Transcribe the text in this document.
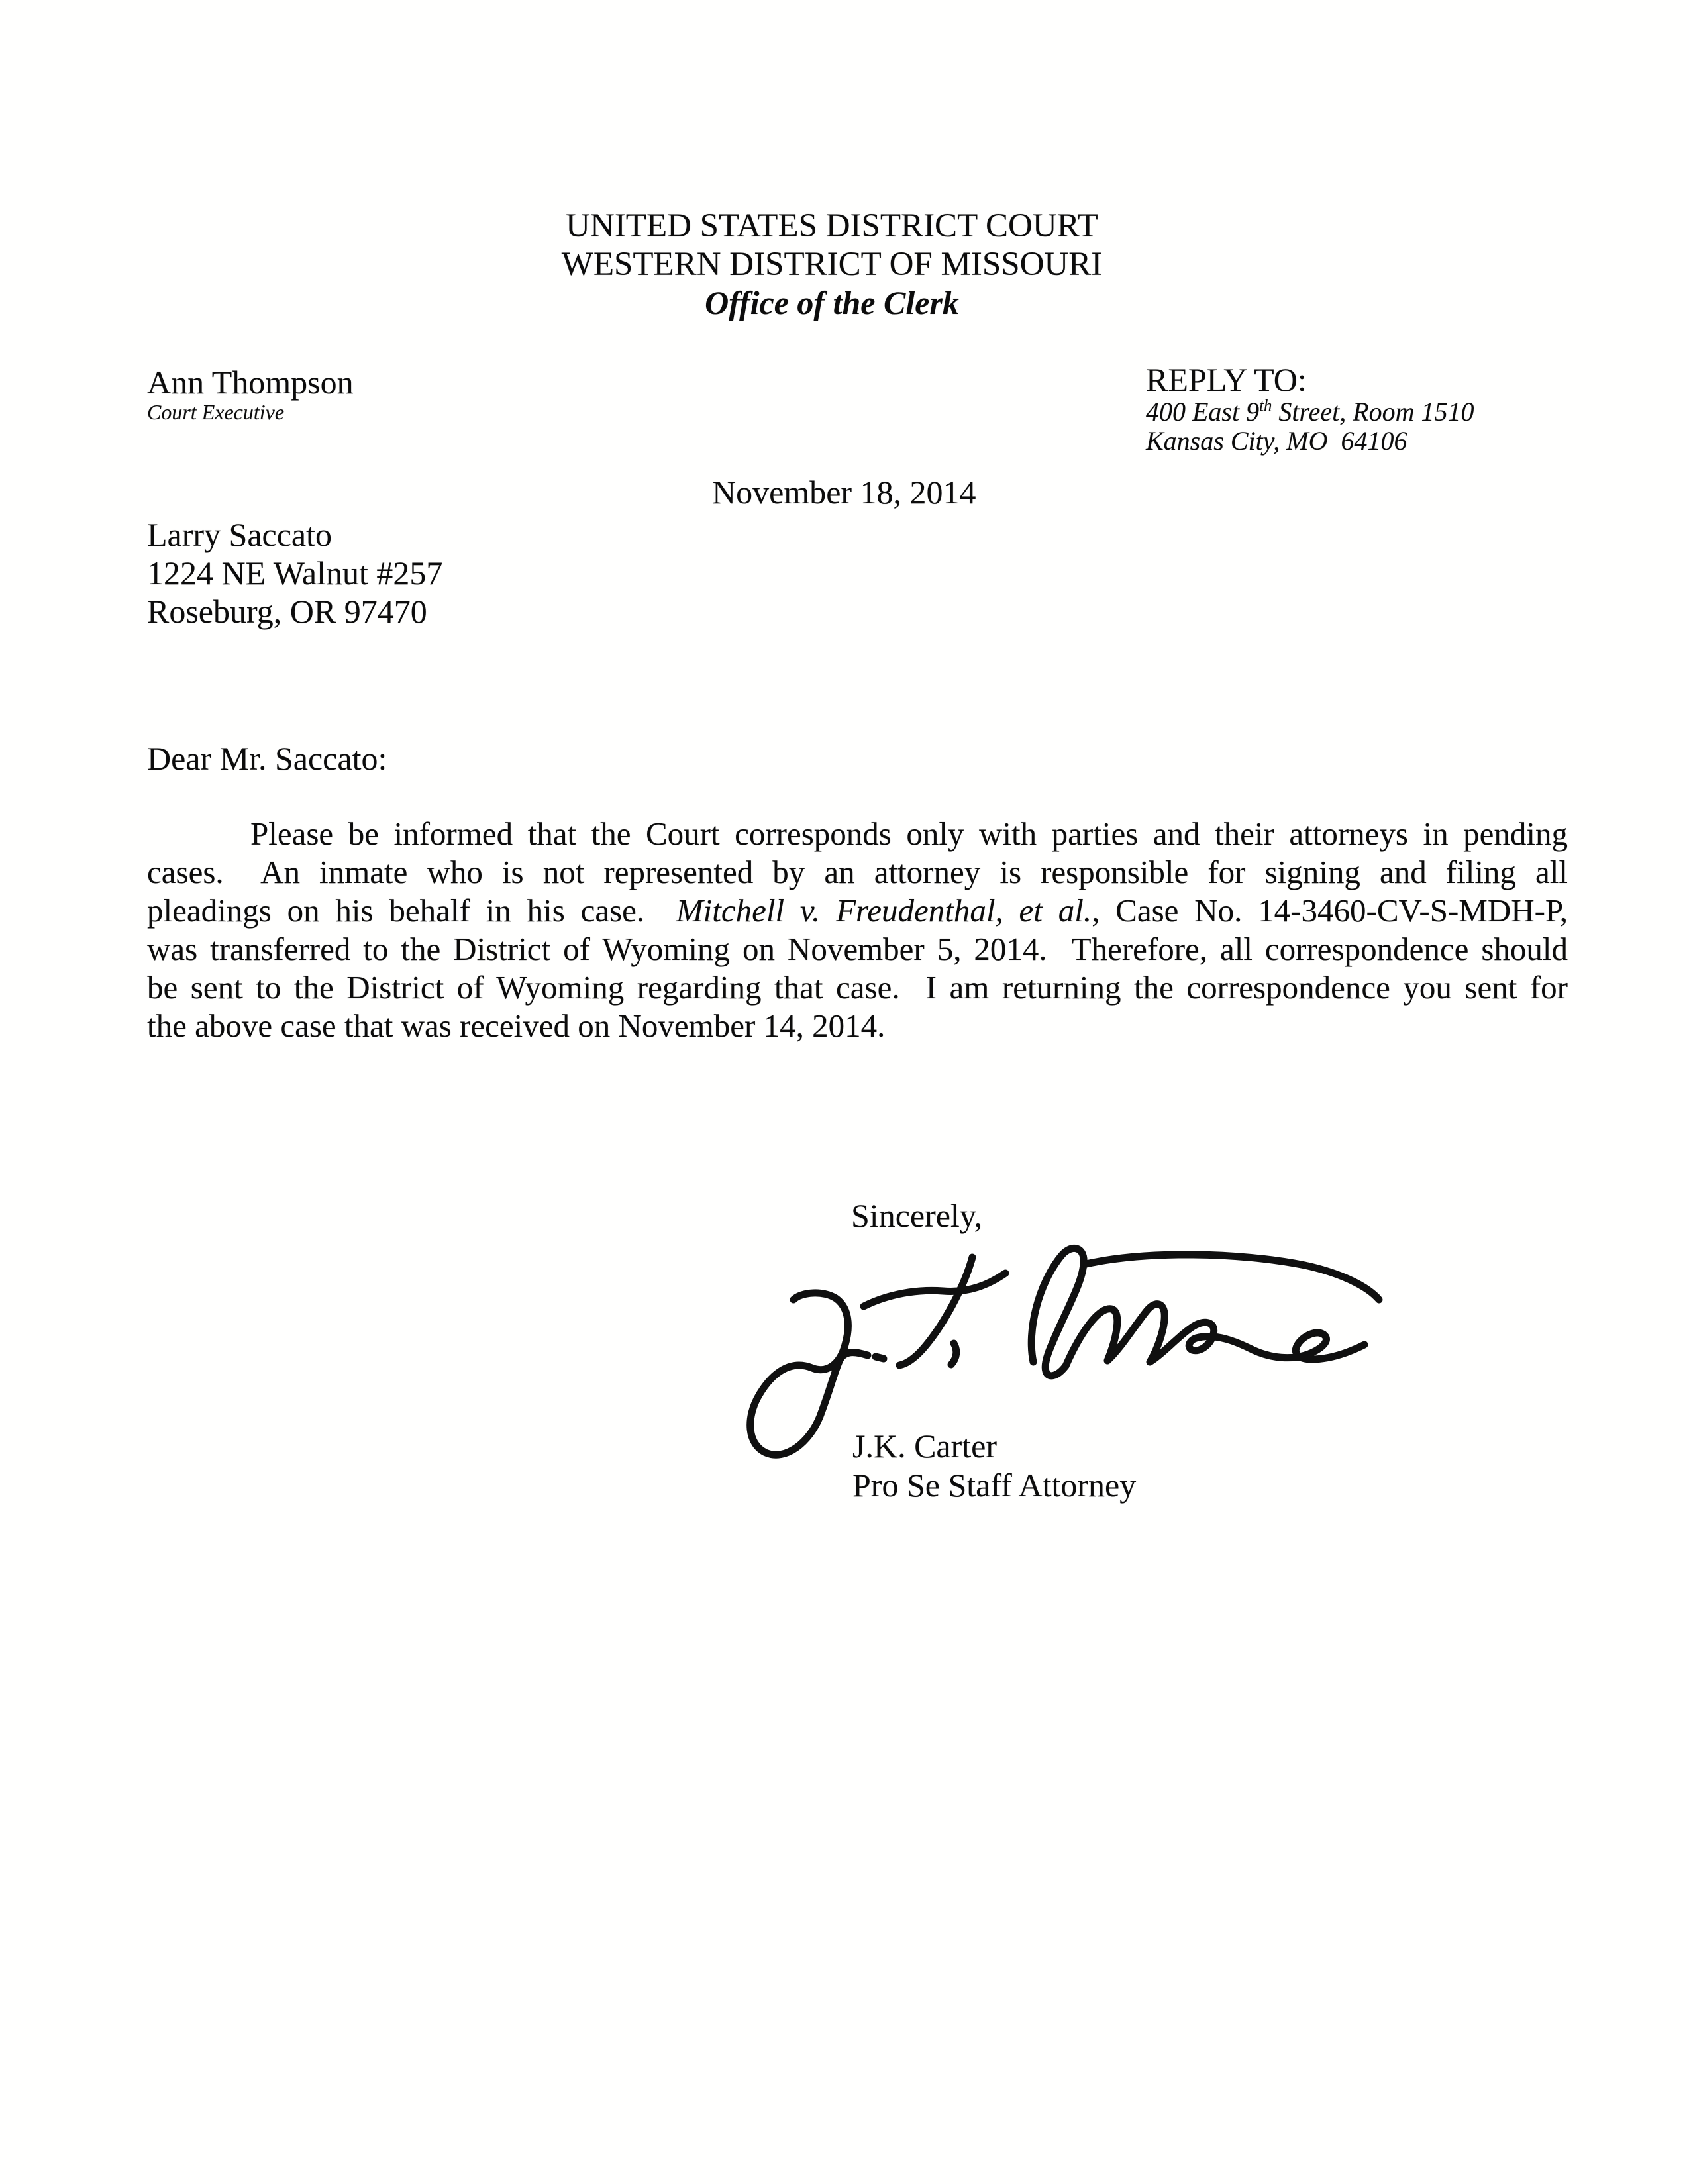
UNITED STATES DISTRICT COURT
WESTERN DISTRICT OF MISSOURI
Office of the Clerk
Ann Thompson
Court Executive
REPLY TO:
400 East 9th Street, Room 1510
Kansas City, MO  64106
November 18, 2014
Larry Saccato
1224 NE Walnut #257
Roseburg, OR 97470
Dear Mr. Saccato:
Please be informed that the Court corresponds only with parties and their attorneys in pending
cases.  An inmate who is not represented by an attorney is responsible for signing and filing all
pleadings on his behalf in his case.  Mitchell v. Freudenthal, et al., Case No. 14-3460-CV-S-MDH-P,
was transferred to the District of Wyoming on November 5, 2014.  Therefore, all correspondence should
be sent to the District of Wyoming regarding that case.  I am returning the correspondence you sent for
the above case that was received on November 14, 2014.
Sincerely,
J.K. Carter
Pro Se Staff Attorney
